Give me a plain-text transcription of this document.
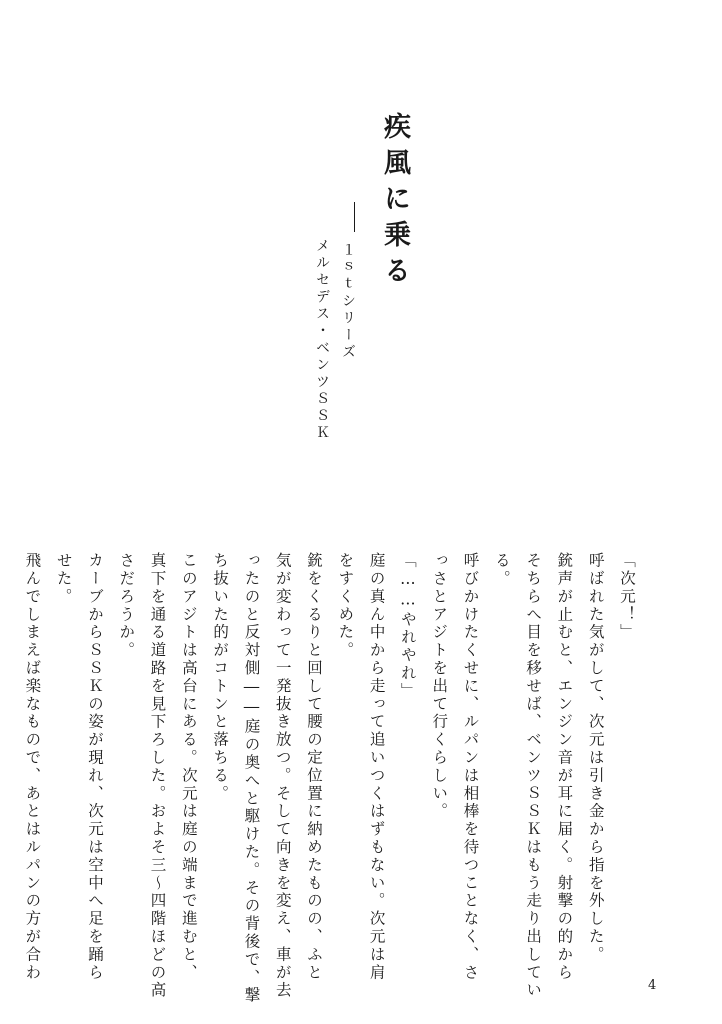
疾風に乗る
１ｓｔシリーズ
メルセデス・ベンツＳＳＫ
「次元！」
呼ばれた気がして、次元は引き金から指を外した。
銃声が止むと、エンジン音が耳に届く。射撃の的から
そちらへ目を移せば、ベンツＳＳＫはもう走り出してい
る。
呼びかけたくせに、ルパンは相棒を待つことなく、さ
っさとアジトを出て行くらしい。
「……やれやれ」
庭の真ん中から走って追いつくはずもない。次元は肩
をすくめた。
銃をくるりと回して腰の定位置に納めたものの、ふと
気が変わって一発抜き放つ。そして向きを変え、車が去
ったのと反対側――庭の奥へと駆けた。その背後で、撃
ち抜いた的がコトンと落ちる。
このアジトは高台にある。次元は庭の端まで進むと、
真下を通る道路を見下ろした。およそ三～四階ほどの高
さだろうか。
カーブからＳＳＫの姿が現れ、次元は空中へ足を踊ら
せた。
飛んでしまえば楽なもので、あとはルパンの方が合わ
4
